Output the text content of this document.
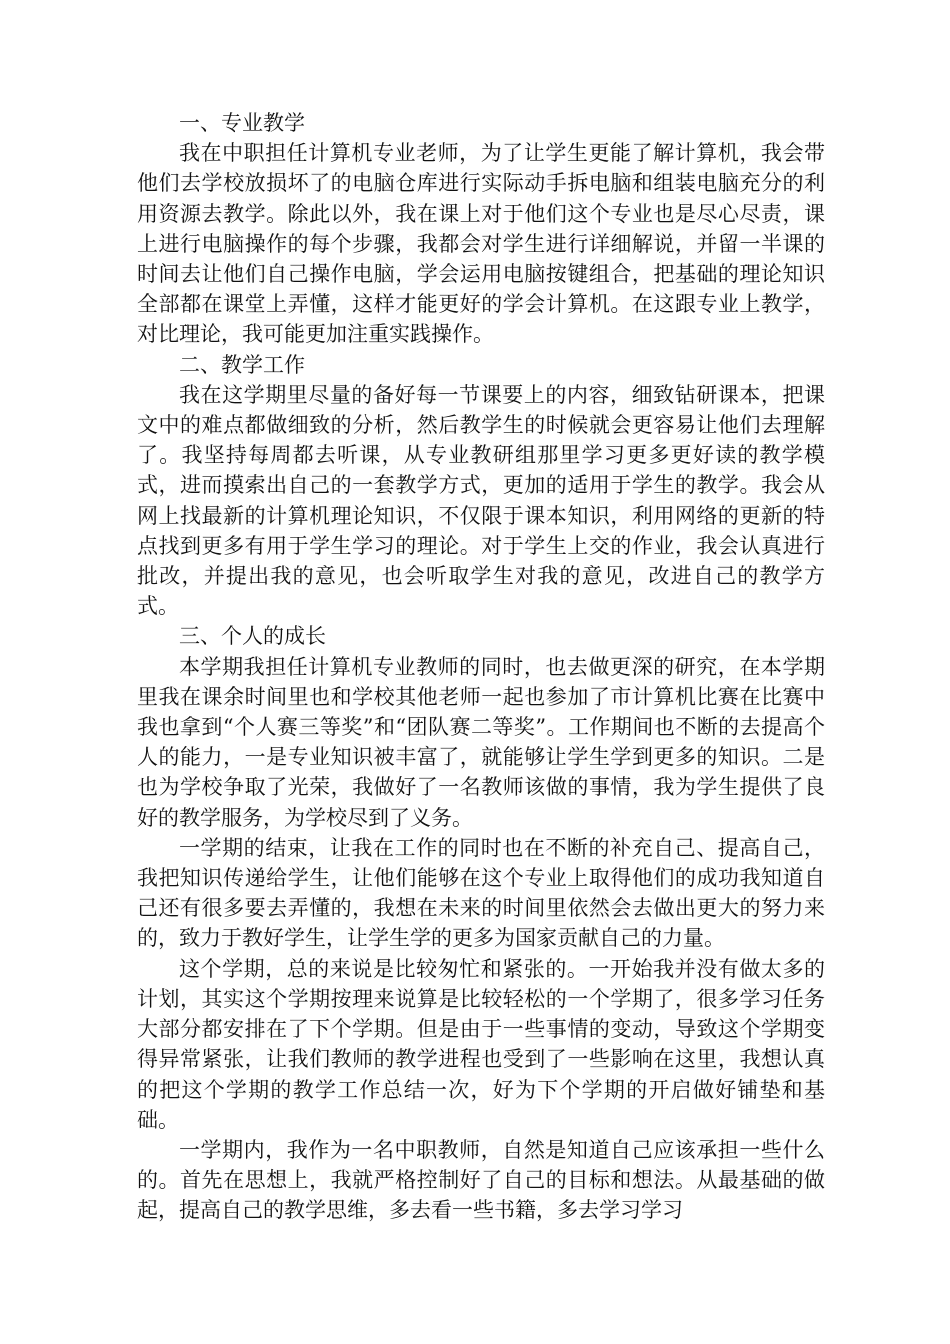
一、专业教学

我在中职担任计算机专业老师，为了让学生更能了解计算机，我会带他们去学校放损坏了的电脑仓库进行实际动手拆电脑和组装电脑充分的利用资源去教学。除此以外，我在课上对于他们这个专业也是尽心尽责，课上进行电脑操作的每个步骤，我都会对学生进行详细解说，并留一半课的时间去让他们自己操作电脑，学会运用电脑按键组合，把基础的理论知识全部都在课堂上弄懂，这样才能更好的学会计算机。在这跟专业上教学，对比理论，我可能更加注重实践操作。

二、教学工作

我在这学期里尽量的备好每一节课要上的内容，细致钻研课本，把课文中的难点都做细致的分析，然后教学生的时候就会更容易让他们去理解了。我坚持每周都去听课，从专业教研组那里学习更多更好读的教学模式，进而摸索出自己的一套教学方式，更加的适用于学生的教学。我会从网上找最新的计算机理论知识，不仅限于课本知识，利用网络的更新的特点找到更多有用于学生学习的理论。对于学生上交的作业，我会认真进行批改，并提出我的意见，也会听取学生对我的意见，改进自己的教学方式。

三、个人的成长

本学期我担任计算机专业教师的同时，也去做更深的研究，在本学期里我在课余时间里也和学校其他老师一起也参加了市计算机比赛在比赛中我也拿到“个人赛三等奖”和“团队赛二等奖”。工作期间也不断的去提高个人的能力，一是专业知识被丰富了，就能够让学生学到更多的知识。二是也为学校争取了光荣，我做好了一名教师该做的事情，我为学生提供了良好的教学服务，为学校尽到了义务。

一学期的结束，让我在工作的同时也在不断的补充自己、提高自己，我把知识传递给学生，让他们能够在这个专业上取得他们的成功我知道自己还有很多要去弄懂的，我想在未来的时间里依然会去做出更大的努力来的，致力于教好学生，让学生学的更多为国家贡献自己的力量。

这个学期，总的来说是比较匆忙和紧张的。一开始我并没有做太多的计划，其实这个学期按理来说算是比较轻松的一个学期了，很多学习任务大部分都安排在了下个学期。但是由于一些事情的变动，导致这个学期变得异常紧张，让我们教师的教学进程也受到了一些影响在这里，我想认真的把这个学期的教学工作总结一次，好为下个学期的开启做好铺垫和基础。

一学期内，我作为一名中职教师，自然是知道自己应该承担一些什么的。首先在思想上，我就严格控制好了自己的目标和想法。从最基础的做起，提高自己的教学思维，多去看一些书籍，多去学习学习
